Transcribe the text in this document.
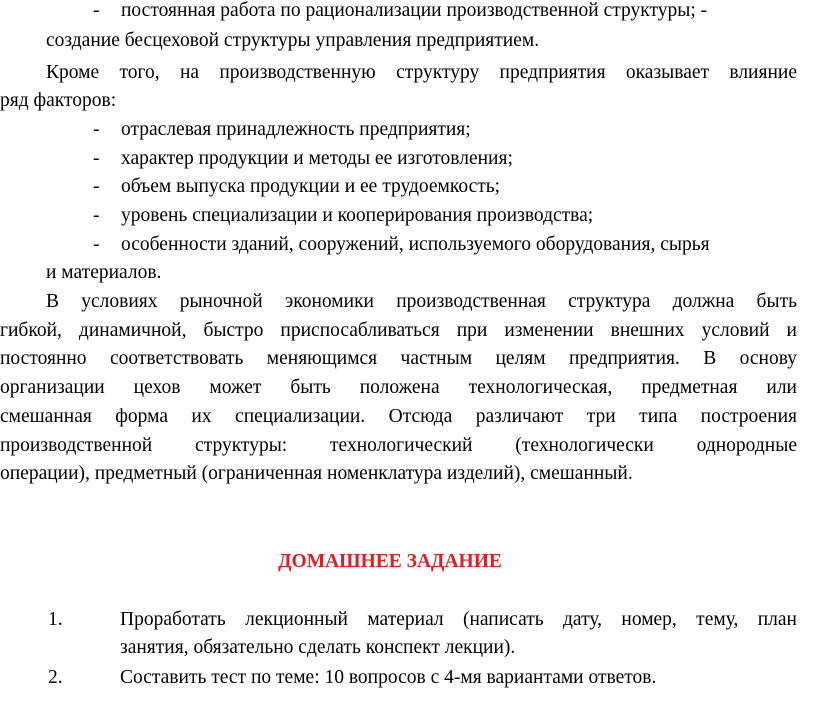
- постоянная работа по рационализации производственной структуры; -
создание бесцеховой структуры управления предприятием.
Кроме того, на производственную структуру предприятия оказывает влияние
ряд факторов:
- отраслевая принадлежность предприятия;
- характер продукции и методы ее изготовления;
- объем выпуска продукции и ее трудоемкость;
- уровень специализации и кооперирования производства;
- особенности зданий, сооружений, используемого оборудования, сырья
и материалов.
В условиях рыночной экономики производственная структура должна быть
гибкой, динамичной, быстро приспосабливаться при изменении внешних условий и
постоянно соответствовать меняющимся частным целям предприятия. В основу
организации цехов может быть положена технологическая, предметная или
смешанная форма их специализации. Отсюда различают три типа построения
производственной структуры: технологический (технологически однородные
операции), предметный (ограниченная номенклатура изделий), смешанный.
ДОМАШНЕЕ ЗАДАНИЕ
1.	Проработать лекционный материал (написать дату, номер, тему, план
занятия, обязательно сделать конспект лекции).
2.	Составить тест по теме: 10 вопросов с 4-мя вариантами ответов.
